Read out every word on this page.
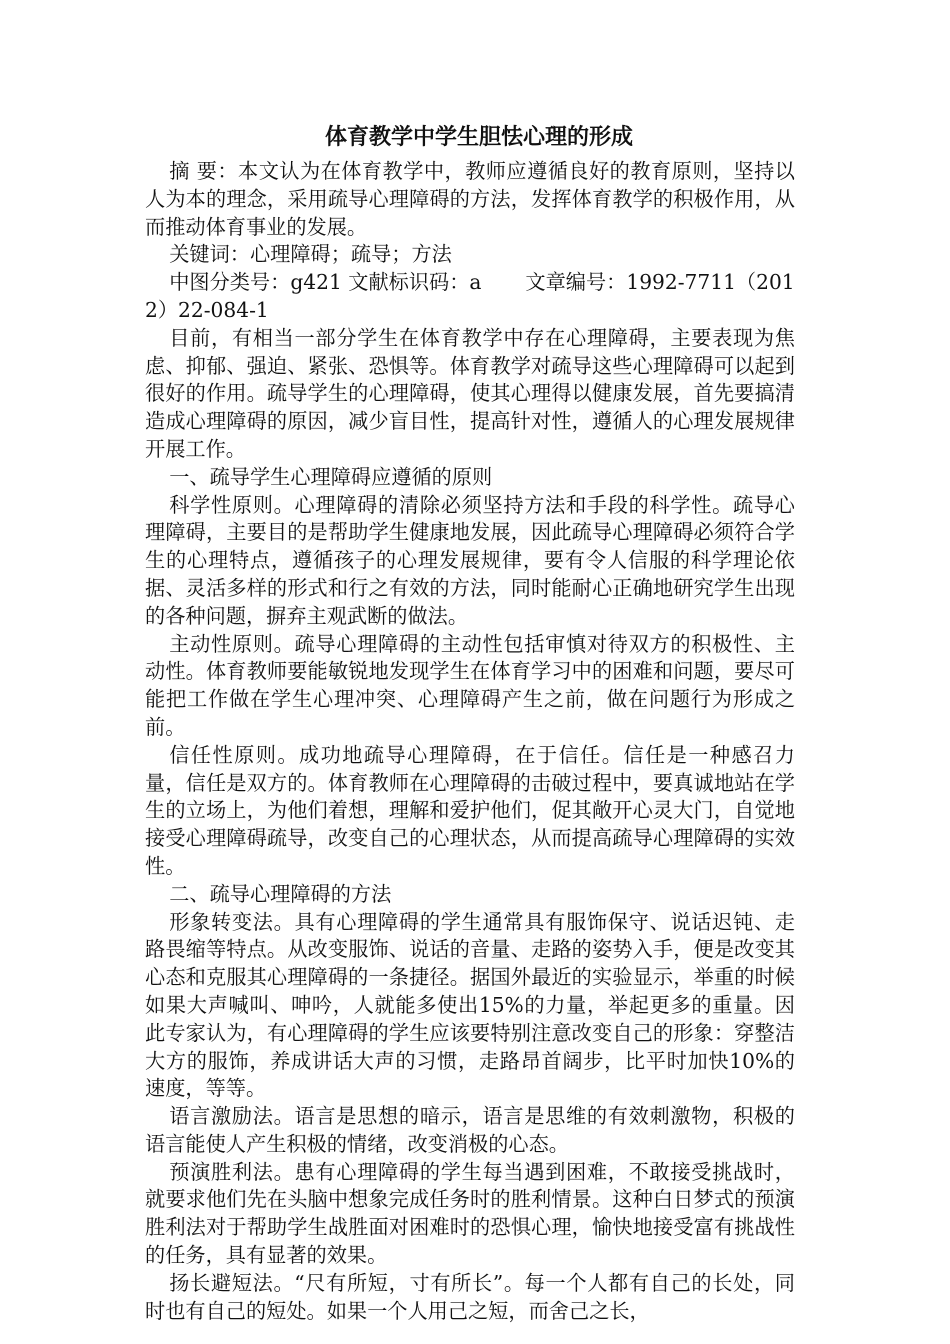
体育教学中学生胆怯心理的形成

摘 要：本文认为在体育教学中，教师应遵循良好的教育原则，坚持以人为本的理念，采用疏导心理障碍的方法，发挥体育教学的积极作用，从而推动体育事业的发展。

关键词：心理障碍；疏导；方法

中图分类号：g421 文献标识码：a 文章编号：1992-7711（2012）22-084-1

目前，有相当一部分学生在体育教学中存在心理障碍，主要表现为焦虑、抑郁、强迫、紧张、恐惧等。体育教学对疏导这些心理障碍可以起到很好的作用。疏导学生的心理障碍，使其心理得以健康发展，首先要搞清造成心理障碍的原因，减少盲目性，提高针对性，遵循人的心理发展规律开展工作。

一、疏导学生心理障碍应遵循的原则

科学性原则。心理障碍的清除必须坚持方法和手段的科学性。疏导心理障碍，主要目的是帮助学生健康地发展，因此疏导心理障碍必须符合学生的心理特点，遵循孩子的心理发展规律，要有令人信服的科学理论依据、灵活多样的形式和行之有效的方法，同时能耐心正确地研究学生出现的各种问题，摒弃主观武断的做法。

主动性原则。疏导心理障碍的主动性包括审慎对待双方的积极性、主动性。体育教师要能敏锐地发现学生在体育学习中的困难和问题，要尽可能把工作做在学生心理冲突、心理障碍产生之前，做在问题行为形成之前。

信任性原则。成功地疏导心理障碍，在于信任。信任是一种感召力量，信任是双方的。体育教师在心理障碍的击破过程中，要真诚地站在学生的立场上，为他们着想，理解和爱护他们，促其敞开心灵大门，自觉地接受心理障碍疏导，改变自己的心理状态，从而提高疏导心理障碍的实效性。

二、疏导心理障碍的方法

形象转变法。具有心理障碍的学生通常具有服饰保守、说话迟钝、走路畏缩等特点。从改变服饰、说话的音量、走路的姿势入手，便是改变其心态和克服其心理障碍的一条捷径。据国外最近的实验显示，举重的时候如果大声喊叫、呻吟，人就能多使出15%的力量，举起更多的重量。因此专家认为，有心理障碍的学生应该要特别注意改变自己的形象：穿整洁大方的服饰，养成讲话大声的习惯，走路昂首阔步，比平时加快10%的速度，等等。

语言激励法。语言是思想的暗示，语言是思维的有效刺激物，积极的语言能使人产生积极的情绪，改变消极的心态。

预演胜利法。患有心理障碍的学生每当遇到困难，不敢接受挑战时，就要求他们先在头脑中想象完成任务时的胜利情景。这种白日梦式的预演胜利法对于帮助学生战胜面对困难时的恐惧心理，愉快地接受富有挑战性的任务，具有显著的效果。

扬长避短法。“尺有所短，寸有所长”。每一个人都有自己的长处，同时也有自己的短处。如果一个人用己之短，而舍己之长，
